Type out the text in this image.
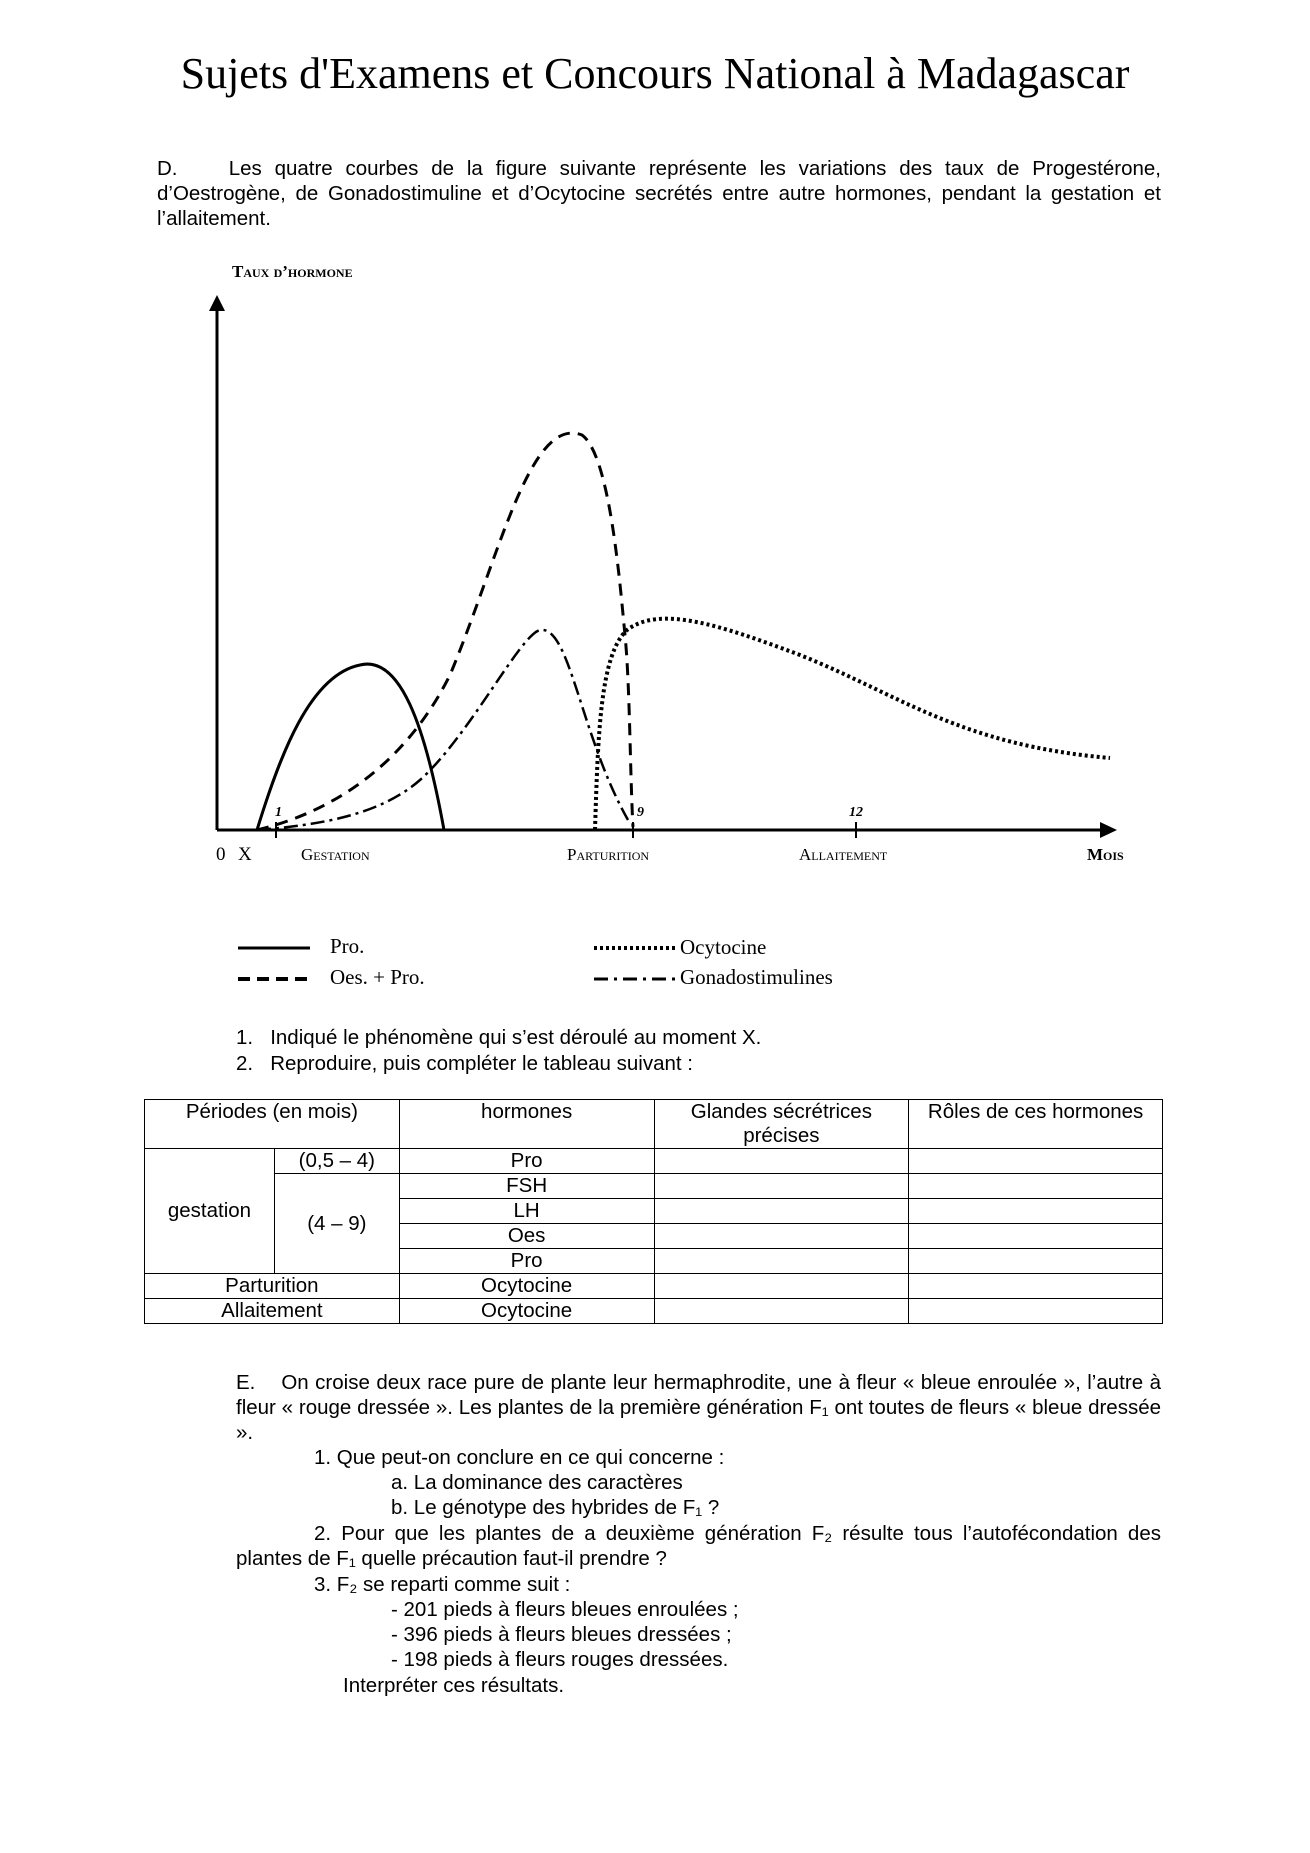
Sujets d'Examens et Concours National à Madagascar

D. Les quatre courbes de la figure suivante représente les variations des taux de Progestérone, d’Oestrogène, de Gonadostimuline et d’Ocytocine secrétés entre autre hormones, pendant la gestation et l’allaitement.

Taux d’hormone
1	9	12
0 X	Gestation	Parturition	Allaitement	Mois
Pro.
Oes. + Pro.
Ocytocine
Gonadostimulines
1. Indiqué le phénomène qui s’est déroulé au moment X.
2. Reproduire, puis compléter le tableau suivant :
Périodes (en mois)		hormones	Glandes sécrétrices précises	Rôles de ces hormones
gestation	(0,5 – 4)	Pro		
	(4 – 9)	FSH		
		LH		
		Oes		
		Pro		
Parturition		Ocytocine		
Allaitement		Ocytocine		

E. On croise deux race pure de plante leur hermaphrodite, une à fleur « bleue enroulée », l’autre à fleur « rouge dressée ». Les plantes de la première génération F₁ ont toutes de fleurs « bleue dressée ».

1. Que peut-on conclure en ce qui concerne :
a. La dominance des caractères
b. Le génotype des hybrides de F₁ ?

2. Pour que les plantes de a deuxième génération F₂ résulte tous l’autofécondation des plantes de F₁ quelle précaution faut-il prendre ?

3. F₂ se reparti comme suit :
- 201 pieds à fleurs bleues enroulées ;
- 396 pieds à fleurs bleues dressées ;
- 198 pieds à fleurs rouges dressées.
Interpréter ces résultats.
